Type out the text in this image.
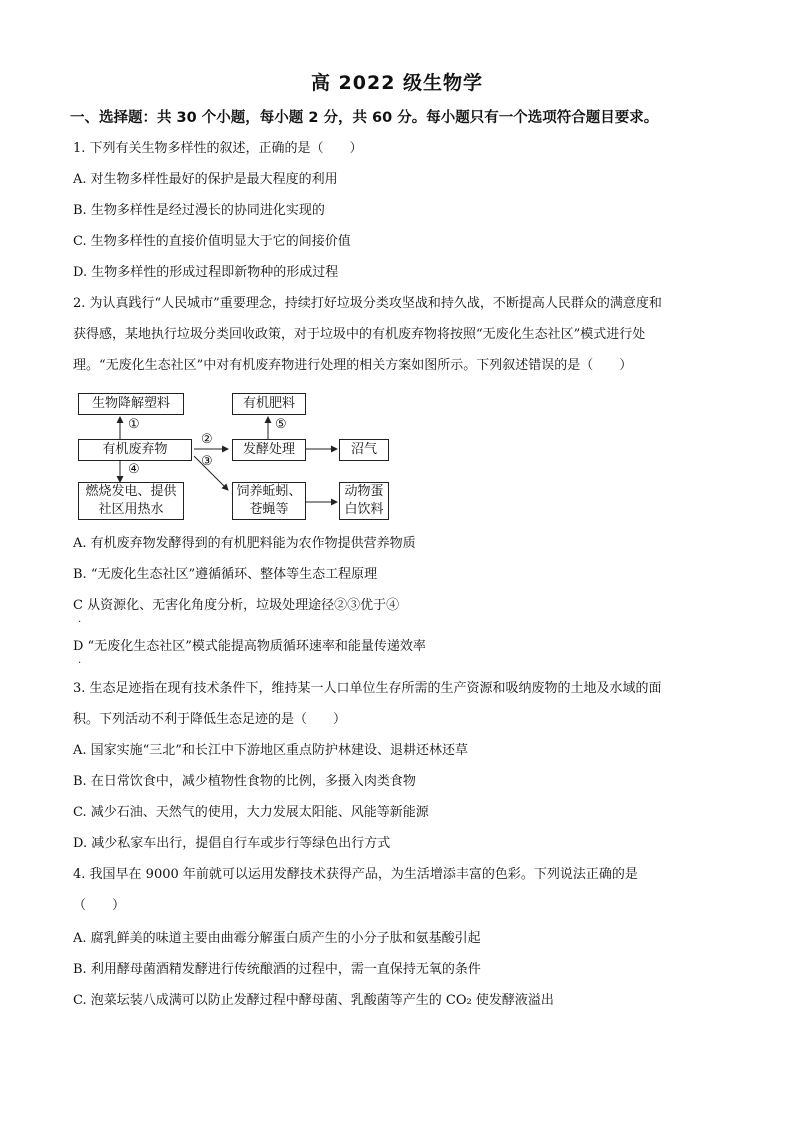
高 2022 级生物学
一、选择题：共 30 个小题，每小题 2 分，共 60 分。每小题只有一个选项符合题目要求。
1. 下列有关生物多样性的叙述，正确的是（　　）
A. 对生物多样性最好的保护是最大程度的利用
B. 生物多样性是经过漫长的协同进化实现的
C. 生物多样性的直接价值明显大于它的间接价值
D. 生物多样性的形成过程即新物种的形成过程
2. 为认真践行“人民城市”重要理念，持续打好垃圾分类攻坚战和持久战，不断提高人民群众的满意度和
获得感，某地执行垃圾分类回收政策，对于垃圾中的有机废弃物将按照“无废化生态社区”模式进行处
理。“无废化生态社区”中对有机废弃物进行处理的相关方案如图所示。下列叙述错误的是（　　）
生物降解塑料	有机肥料
有机废弃物	发酵处理	沼气
燃烧发电、提供
社区用热水
饲养蚯蚓、
苍蝇等
动物蛋
白饮料
①
②
③
④
⑤
A. 有机废弃物发酵得到的有机肥料能为农作物提供营养物质
B. “无废化生态社区”遵循循环、整体等生态工程原理
C 从资源化、无害化角度分析，垃圾处理途径②③优于④
.
D “无废化生态社区”模式能提高物质循环速率和能量传递效率
.
3. 生态足迹指在现有技术条件下，维持某一人口单位生存所需的生产资源和吸纳废物的土地及水域的面
积。下列活动不利于降低生态足迹的是（　　）
A. 国家实施“三北”和长江中下游地区重点防护林建设、退耕还林还草
B. 在日常饮食中，减少植物性食物的比例，多摄入肉类食物
C. 减少石油、天然气的使用，大力发展太阳能、风能等新能源
D. 减少私家车出行，提倡自行车或步行等绿色出行方式
4. 我国早在 9000 年前就可以运用发酵技术获得产品，为生活增添丰富的色彩。下列说法正确的是
（　　）
A. 腐乳鲜美的味道主要由曲霉分解蛋白质产生的小分子肽和氨基酸引起
B. 利用酵母菌酒精发酵进行传统酿酒的过程中，需一直保持无氧的条件
C. 泡菜坛装八成满可以防止发酵过程中酵母菌、乳酸菌等产生的 CO₂ 使发酵液溢出
